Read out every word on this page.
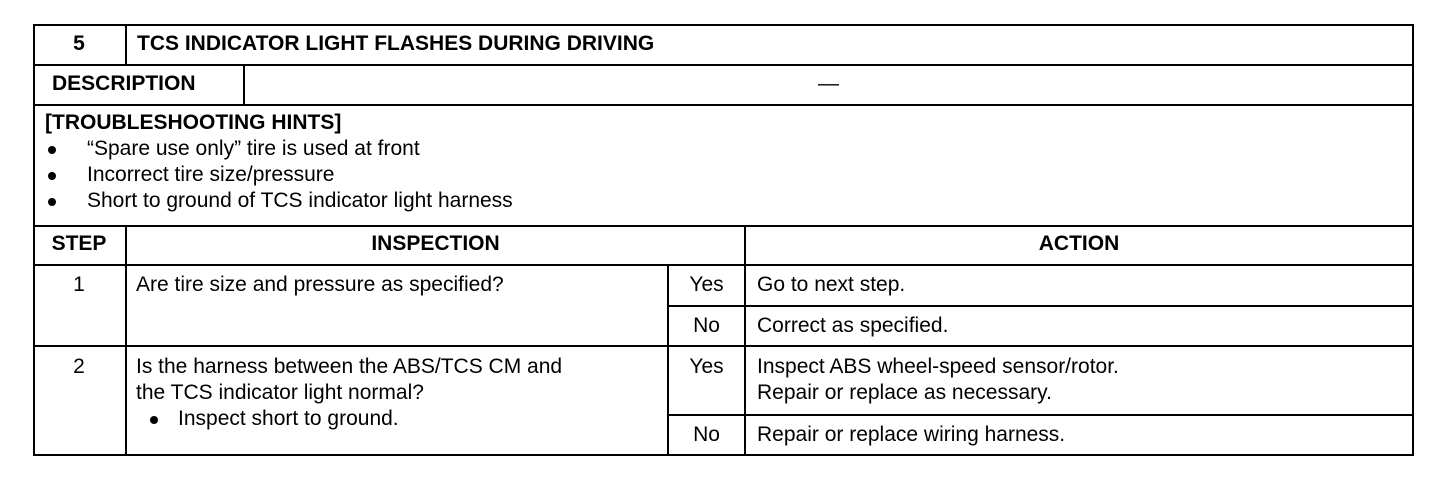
5	TCS INDICATOR LIGHT FLASHES DURING DRIVING
DESCRIPTION	—
[TROUBLESHOOTING HINTS]
“Spare use only” tire is used at front
Incorrect tire size/pressure
Short to ground of TCS indicator light harness
STEP	INSPECTION	ACTION
1	Are tire size and pressure as specified?	Yes	Go to next step.
No	Correct as specified.
2	Is the harness between the ABS/TCS CM and
the TCS indicator light normal?
Inspect short to ground.
Yes	Inspect ABS wheel-speed sensor/rotor.
Repair or replace as necessary.
No	Repair or replace wiring harness.
